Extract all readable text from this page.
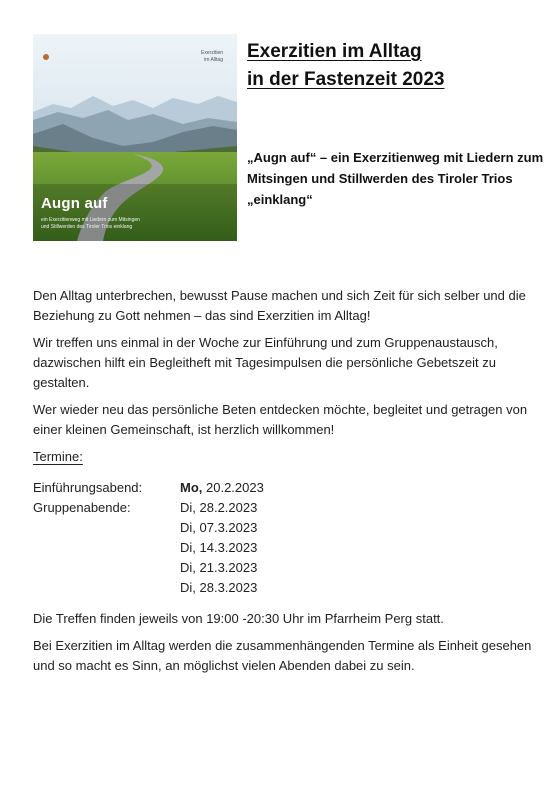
Exerzitien
im Alltag
Augn auf
ein Exerzitienweg mit Liedern zum Mitsingen
und Stillwerden des Tiroler Trios einklang
Exerzitien im Alltag
in der Fastenzeit 2023
„Augn auf“ – ein Exerzitienweg mit Liedern zum Mitsingen und Stillwerden des Tiroler Trios „einklang“

Den Alltag unterbrechen, bewusst Pause machen und sich Zeit für sich selber und die Beziehung zu Gott nehmen – das sind Exerzitien im Alltag!

Wir treffen uns einmal in der Woche zur Einführung und zum Gruppenaustausch, dazwischen hilft ein Begleitheft mit Tagesimpulsen die persönliche Gebetszeit zu gestalten.

Wer wieder neu das persönliche Beten entdecken möchte, begleitet und getragen von einer kleinen Gemeinschaft, ist herzlich willkommen!

Termine:
Einführungsabend:	Mo, 20.2.2023
Gruppenabende:	Di, 28.2.2023
Di, 07.3.2023
Di, 14.3.2023
Di, 21.3.2023
Di, 28.3.2023

Die Treffen finden jeweils von 19:00 -20:30 Uhr im Pfarrheim Perg statt.

Bei Exerzitien im Alltag werden die zusammenhängenden Termine als Einheit gesehen und so macht es Sinn, an möglichst vielen Abenden dabei zu sein.
